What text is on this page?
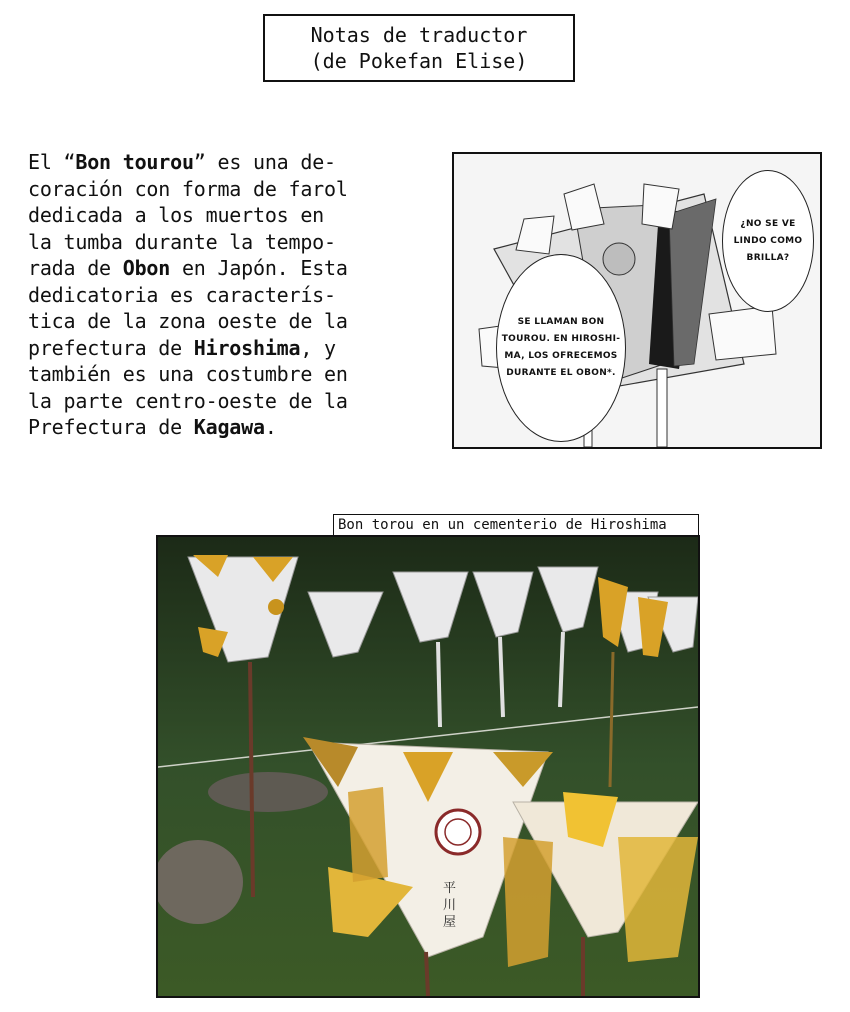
Notas de traductor
(de Pokefan Elise)
El “Bon tourou” es una de-
coración con forma de farol
dedicada a los muertos en
la tumba durante la tempo-
rada de Obon en Japón. Esta
dedicatoria es caracterís-
tica de la zona oeste de la
prefectura de Hiroshima, y
también es una costumbre en
la parte centro-oeste de la
Prefectura de Kagawa.
SE LLAMAN BON
TOUROU. EN HIROSHI-
MA, LOS OFRECEMOS
DURANTE EL OBON*.
¿NO SE VE
LINDO COMO
BRILLA?
Bon torou en un cementerio de Hiroshima
平
川
屋
